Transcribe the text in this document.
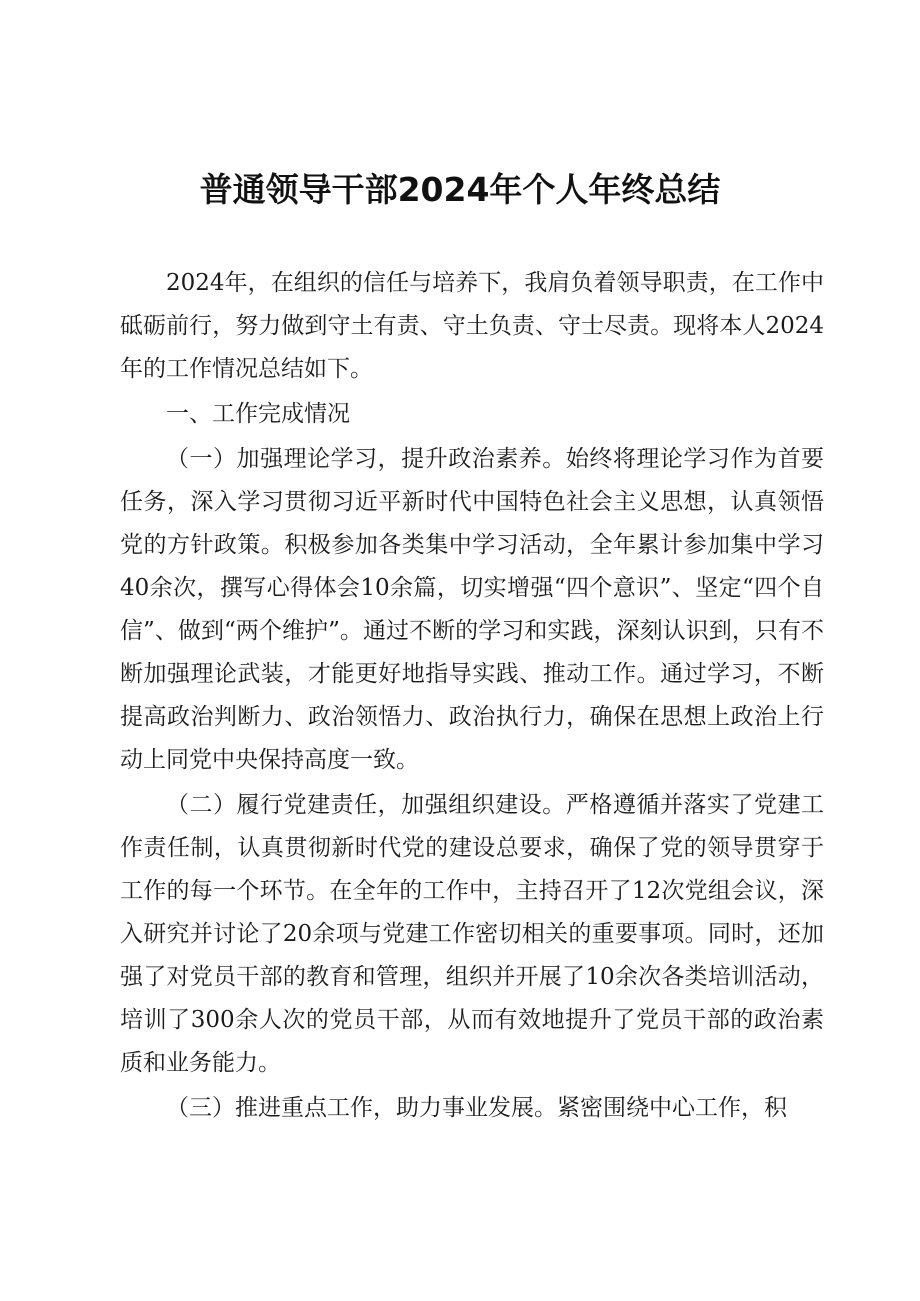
普通领导干部2024年个人年终总结

2024年，在组织的信任与培养下，我肩负着领导职责，在工作中砥砺前行，努力做到守土有责、守土负责、守士尽责。现将本人2024年的工作情况总结如下。

一、工作完成情况

（一）加强理论学习，提升政治素养。始终将理论学习作为首要任务，深入学习贯彻习近平新时代中国特色社会主义思想，认真领悟党的方针政策。积极参加各类集中学习活动，全年累计参加集中学习40余次，撰写心得体会10余篇，切实增强“四个意识”、坚定“四个自信”、做到“两个维护”。通过不断的学习和实践，深刻认识到，只有不断加强理论武装，才能更好地指导实践、推动工作。通过学习，不断提高政治判断力、政治领悟力、政治执行力，确保在思想上政治上行动上同党中央保持高度一致。

（二）履行党建责任，加强组织建设。严格遵循并落实了党建工作责任制，认真贯彻新时代党的建设总要求，确保了党的领导贯穿于工作的每一个环节。在全年的工作中，主持召开了12次党组会议，深入研究并讨论了20余项与党建工作密切相关的重要事项。同时，还加强了对党员干部的教育和管理，组织并开展了10余次各类培训活动，培训了300余人次的党员干部，从而有效地提升了党员干部的政治素质和业务能力。

（三）推进重点工作，助力事业发展。紧密围绕中心工作，积
